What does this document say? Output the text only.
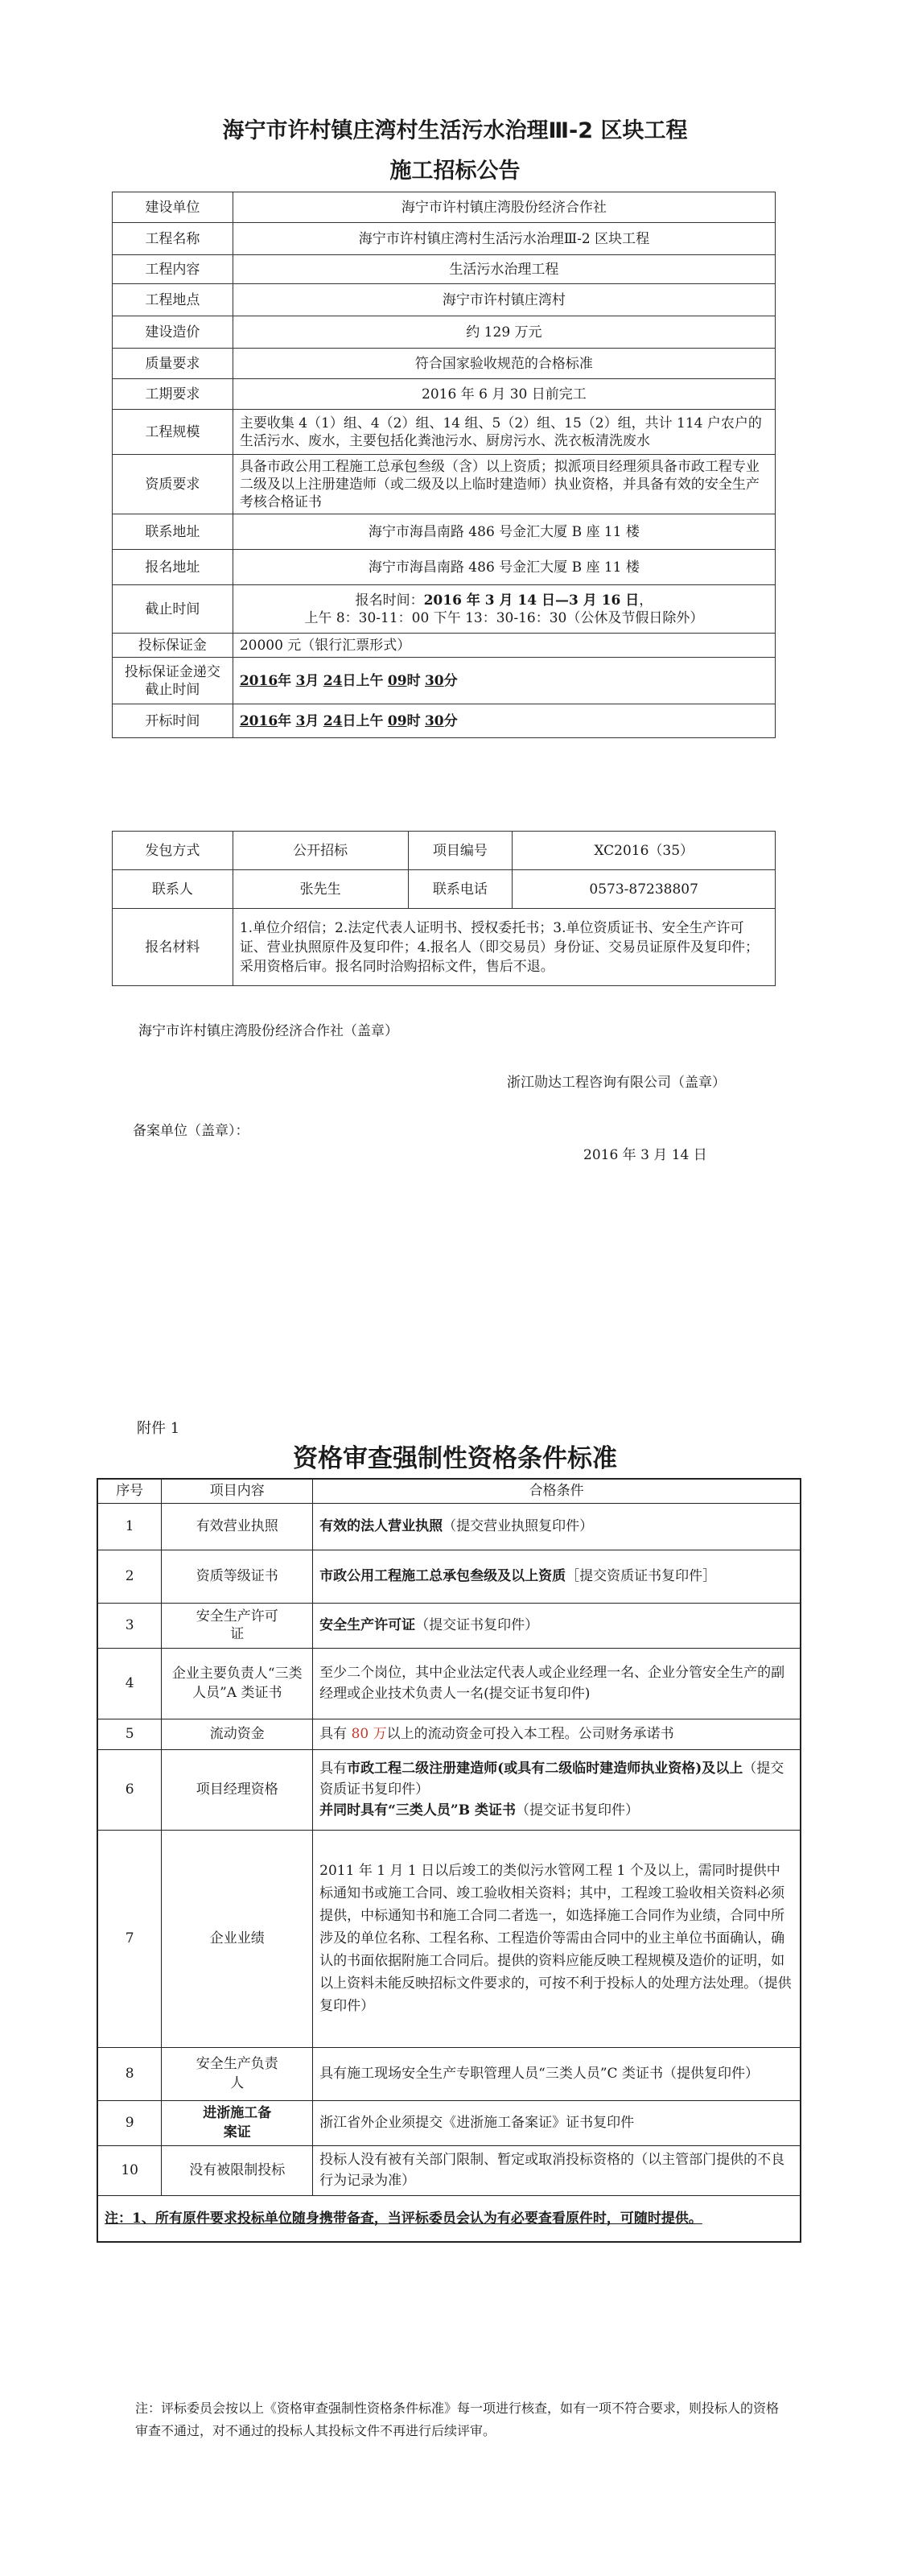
海宁市许村镇庄湾村生活污水治理Ⅲ-2 区块工程
施工招标公告
建设单位	海宁市许村镇庄湾股份经济合作社
工程名称	海宁市许村镇庄湾村生活污水治理Ⅲ-2 区块工程
工程内容	生活污水治理工程
工程地点	海宁市许村镇庄湾村
建设造价	约 129 万元
质量要求	符合国家验收规范的合格标准
工期要求	2016 年 6 月 30 日前完工
工程规模	主要收集 4（1）组、4（2）组、14 组、5（2）组、15（2）组，共计 114 户农户的生活污水、废水，主要包括化粪池污水、厨房污水、洗衣板清洗废水
资质要求	具备市政公用工程施工总承包叁级（含）以上资质；拟派项目经理须具备市政工程专业二级及以上注册建造师（或二级及以上临时建造师）执业资格，并具备有效的安全生产考核合格证书
联系地址	海宁市海昌南路 486 号金汇大厦 B 座 11 楼
报名地址	海宁市海昌南路 486 号金汇大厦 B 座 11 楼
截止时间	报名时间：2016 年 3 月 14 日—3 月 16 日，
上午 8：30-11：00 下午 13：30-16：30（公休及节假日除外）
投标保证金	20000 元（银行汇票形式）
投标保证金递交截止时间	2016年 3月 24日上午 09时 30分
开标时间	2016年 3月 24日上午 09时 30分
发包方式	公开招标	项目编号	XC2016（35）
联系人	张先生	联系电话	0573-87238807
报名材料	1.单位介绍信；2.法定代表人证明书、授权委托书；3.单位资质证书、安全生产许可证、营业执照原件及复印件；4.报名人（即交易员）身份证、交易员证原件及复印件；采用资格后审。报名同时洽购招标文件，售后不退。		
海宁市许村镇庄湾股份经济合作社（盖章）
浙江勋达工程咨询有限公司（盖章）
备案单位（盖章）：
2016 年 3 月 14 日
附件 1
资格审查强制性资格条件标准
序号	项目内容	合格条件
1	有效营业执照	有效的法人营业执照（提交营业执照复印件）
2	资质等级证书	市政公用工程施工总承包叁级及以上资质［提交资质证书复印件］
3	安全生产许可证	安全生产许可证（提交证书复印件）
4	企业主要负责人“三类人员”A 类证书	至少二个岗位，其中企业法定代表人或企业经理一名、企业分管安全生产的副经理或企业技术负责人一名(提交证书复印件)
5	流动资金	具有 80 万以上的流动资金可投入本工程。公司财务承诺书
6	项目经理资格	具有市政工程二级注册建造师(或具有二级临时建造师执业资格)及以上（提交资质证书复印件）
并同时具有“三类人员”B 类证书（提交证书复印件）
7	企业业绩	2011 年 1 月 1 日以后竣工的类似污水管网工程 1 个及以上，需同时提供中标通知书或施工合同、竣工验收相关资料；其中，工程竣工验收相关资料必须提供，中标通知书和施工合同二者选一，如选择施工合同作为业绩，合同中所涉及的单位名称、工程名称、工程造价等需由合同中的业主单位书面确认，确认的书面依据附施工合同后。提供的资料应能反映工程规模及造价的证明，如以上资料未能反映招标文件要求的，可按不利于投标人的处理方法处理。（提供复印件）
8	安全生产负责人	具有施工现场安全生产专职管理人员“三类人员”C 类证书（提供复印件）
9	进浙施工备案证	浙江省外企业须提交《进浙施工备案证》证书复印件
10	没有被限制投标	投标人没有被有关部门限制、暂定或取消投标资格的（以主管部门提供的不良行为记录为准）
注：1、所有原件要求投标单位随身携带备查，当评标委员会认为有必要查看原件时，可随时提供。		
注：评标委员会按以上《资格审查强制性资格条件标准》每一项进行核查，如有一项不符合要求，则投标人的资格审查不通过，对不通过的投标人其投标文件不再进行后续评审。
